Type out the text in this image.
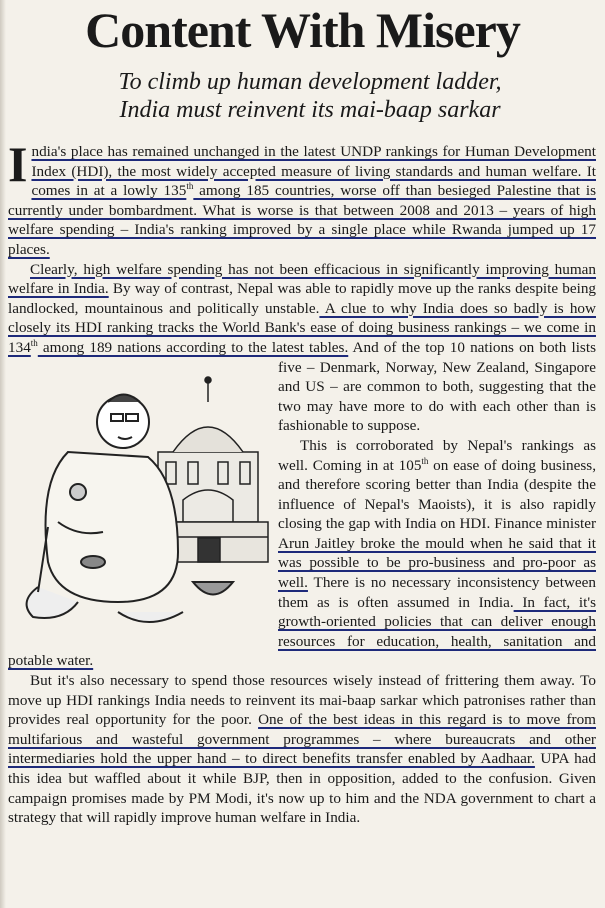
Content With Misery
To climb up human development ladder,
India must reinvent its mai-baap sarkar

India's place has remained unchanged in the latest UNDP rankings for Human Development Index (HDI), the most widely accepted measure of living standards and human welfare. It comes in at a lowly 135th among 185 countries, worse off than besieged Palestine that is currently under bombardment. What is worse is that between 2008 and 2013 – years of high welfare spending – India's ranking improved by a single place while Rwanda jumped up 17 places.

Clearly, high welfare spending has not been efficacious in significantly improving human welfare in India. By way of contrast, Nepal was able to rapidly move up the ranks despite being landlocked, mountainous and politically unstable. A clue to why India does so badly is how closely its HDI ranking tracks the World Bank's ease of doing business rankings – we come in 134th among 189 nations according to the latest tables.
And of the top 10 nations on both lists five – Denmark, Norway, New Zealand, Singapore and US – are common to both, suggesting that the two may have more to do with each other than is fashionable to suppose.

This is corroborated by Nepal's rankings as well. Coming in at 105th on ease of doing business, and therefore scoring better than India (despite the influence of Nepal's Maoists), it is also rapidly closing the gap with India on HDI. Finance minister Arun Jaitley broke the mould when he said that it was possible to be pro-business and pro-poor as well. There is no necessary inconsistency between them as is often assumed in India. In fact, it's growth-oriented policies that can deliver enough resources for education, health, sanitation and potable water.

But it's also necessary to spend those resources wisely instead of frittering them away. To move up HDI rankings India needs to reinvent its mai-baap sarkar which patronises rather than provides real opportunity for the poor. One of the best ideas in this regard is to move from multifarious and wasteful government programmes – where bureaucrats and other intermediaries hold the upper hand – to direct benefits transfer enabled by Aadhaar. UPA had this idea but waffled about it while BJP, then in opposition, added to the confusion. Given campaign promises made by PM Modi, it's now up to him and the NDA government to chart a strategy that will rapidly improve human welfare in India.
